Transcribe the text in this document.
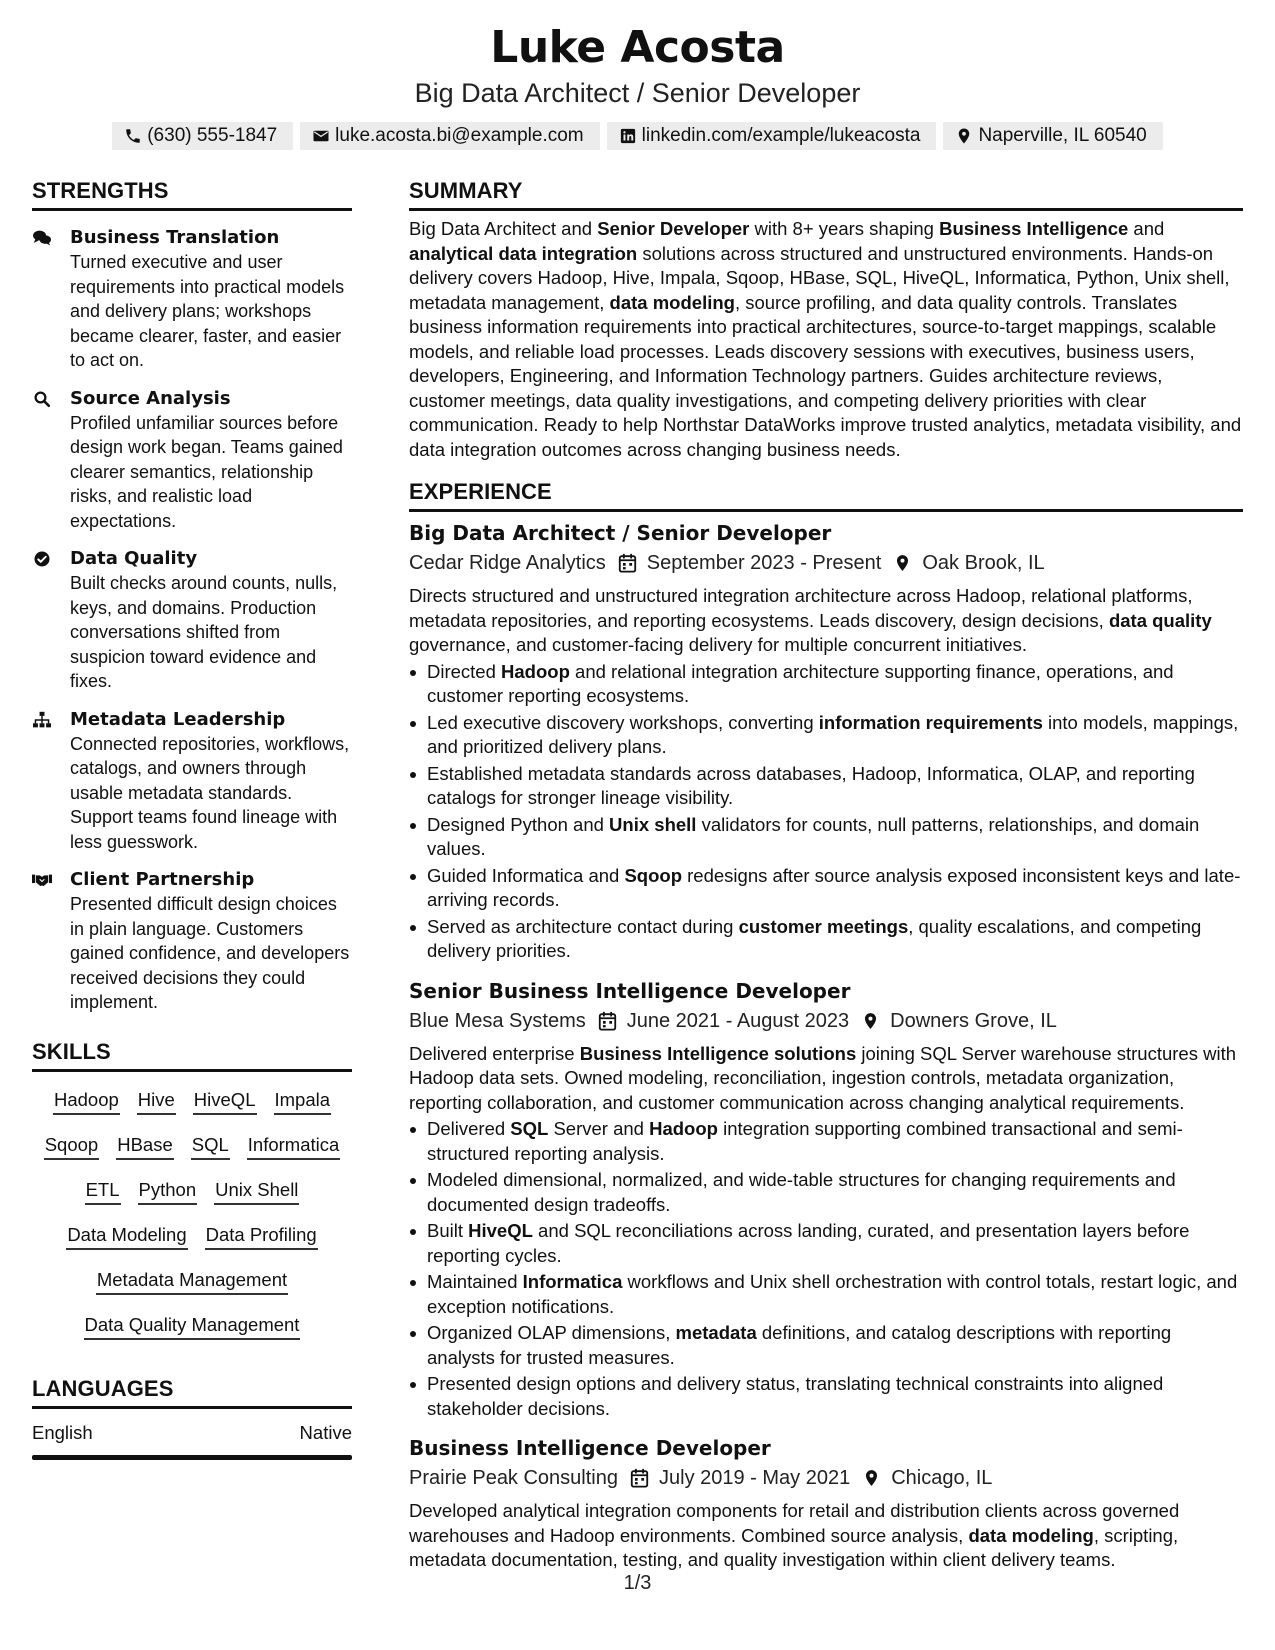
Luke Acosta
Big Data Architect / Senior Developer
(630) 555-1847	luke.acosta.bi@example.com	linkedin.com/example/lukeacosta	Naperville, IL 60540
STRENGTHS
Business Translation
Turned executive and user requirements into practical models and delivery plans; workshops became clearer, faster, and easier to act on.
Source Analysis
Profiled unfamiliar sources before design work began. Teams gained clearer semantics, relationship risks, and realistic load expectations.
Data Quality
Built checks around counts, nulls, keys, and domains. Production conversations shifted from suspicion toward evidence and fixes.
Metadata Leadership
Connected repositories, workflows, catalogs, and owners through usable metadata standards. Support teams found lineage with less guesswork.
Client Partnership
Presented difficult design choices in plain language. Customers gained confidence, and developers received decisions they could implement.
SKILLS
Hadoop Hive HiveQL Impala
Sqoop HBase SQL Informatica
ETL Python Unix Shell
Data Modeling Data Profiling
Metadata Management
Data Quality Management
LANGUAGES
English	Native
SUMMARY
Big Data Architect and Senior Developer with 8+ years shaping Business Intelligence and analytical data integration solutions across structured and unstructured environments. Hands-on delivery covers Hadoop, Hive, Impala, Sqoop, HBase, SQL, HiveQL, Informatica, Python, Unix shell, metadata management, data modeling, source profiling, and data quality controls. Translates business information requirements into practical architectures, source-to-target mappings, scalable models, and reliable load processes. Leads discovery sessions with executives, business users, developers, Engineering, and Information Technology partners. Guides architecture reviews, customer meetings, data quality investigations, and competing delivery priorities with clear communication. Ready to help Northstar DataWorks improve trusted analytics, metadata visibility, and data integration outcomes across changing business needs.
EXPERIENCE
Big Data Architect / Senior Developer
Cedar Ridge Analytics September 2023 - Present Oak Brook, IL
Directs structured and unstructured integration architecture across Hadoop, relational platforms, metadata repositories, and reporting ecosystems. Leads discovery, design decisions, data quality governance, and customer-facing delivery for multiple concurrent initiatives.
Directed Hadoop and relational integration architecture supporting finance, operations, and customer reporting ecosystems.
Led executive discovery workshops, converting information requirements into models, mappings, and prioritized delivery plans.
Established metadata standards across databases, Hadoop, Informatica, OLAP, and reporting catalogs for stronger lineage visibility.
Designed Python and Unix shell validators for counts, null patterns, relationships, and domain values.
Guided Informatica and Sqoop redesigns after source analysis exposed inconsistent keys and late-arriving records.
Served as architecture contact during customer meetings, quality escalations, and competing delivery priorities.
Senior Business Intelligence Developer
Blue Mesa Systems June 2021 - August 2023 Downers Grove, IL
Delivered enterprise Business Intelligence solutions joining SQL Server warehouse structures with Hadoop data sets. Owned modeling, reconciliation, ingestion controls, metadata organization, reporting collaboration, and customer communication across changing analytical requirements.
Delivered SQL Server and Hadoop integration supporting combined transactional and semi-structured reporting analysis.
Modeled dimensional, normalized, and wide-table structures for changing requirements and documented design tradeoffs.
Built HiveQL and SQL reconciliations across landing, curated, and presentation layers before reporting cycles.
Maintained Informatica workflows and Unix shell orchestration with control totals, restart logic, and exception notifications.
Organized OLAP dimensions, metadata definitions, and catalog descriptions with reporting analysts for trusted measures.
Presented design options and delivery status, translating technical constraints into aligned stakeholder decisions.
Business Intelligence Developer
Prairie Peak Consulting July 2019 - May 2021 Chicago, IL
Developed analytical integration components for retail and distribution clients across governed warehouses and Hadoop environments. Combined source analysis, data modeling, scripting, metadata documentation, testing, and quality investigation within client delivery teams.
1/3
